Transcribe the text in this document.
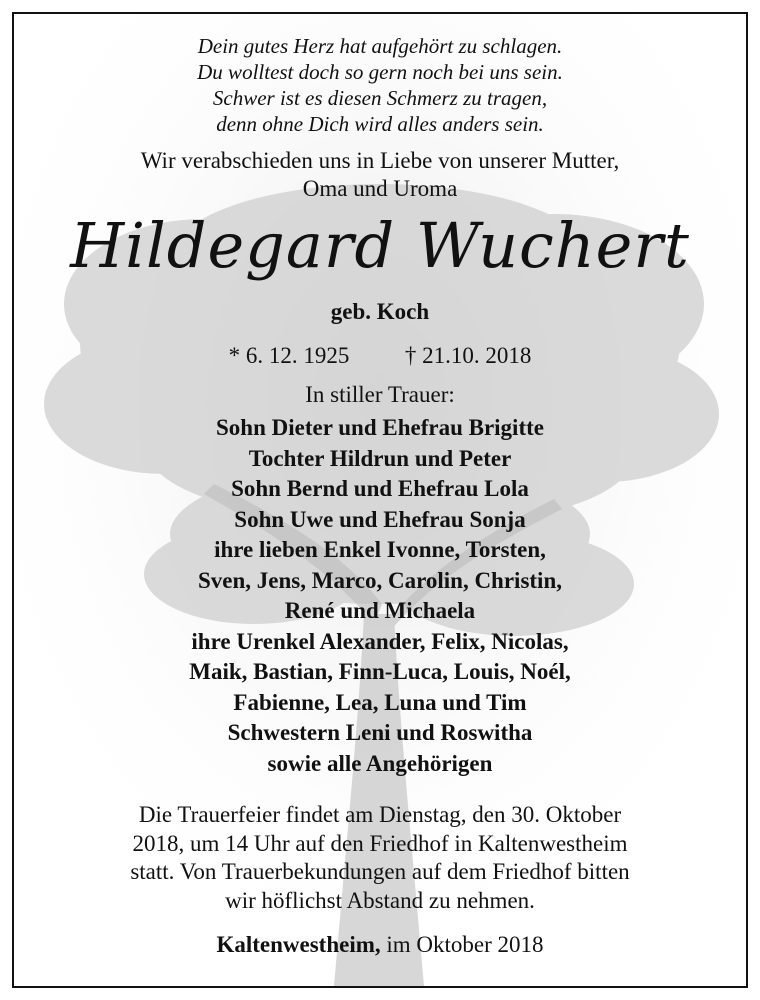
Dein gutes Herz hat aufgehört zu schlagen.
Du wolltest doch so gern noch bei uns sein.
Schwer ist es diesen Schmerz zu tragen,
denn ohne Dich wird alles anders sein.
Wir verabschieden uns in Liebe von unserer Mutter,
Oma und Uroma
Hildegard Wuchert
geb. Koch
* 6. 12. 1925 † 21.10. 2018
In stiller Trauer:
Sohn Dieter und Ehefrau Brigitte
Tochter Hildrun und Peter
Sohn Bernd und Ehefrau Lola
Sohn Uwe und Ehefrau Sonja
ihre lieben Enkel Ivonne, Torsten,
Sven, Jens, Marco, Carolin, Christin,
René und Michaela
ihre Urenkel Alexander, Felix, Nicolas,
Maik, Bastian, Finn-Luca, Louis, Noél,
Fabienne, Lea, Luna und Tim
Schwestern Leni und Roswitha
sowie alle Angehörigen
Die Trauerfeier findet am Dienstag, den 30. Oktober
2018, um 14 Uhr auf den Friedhof in Kaltenwestheim
statt. Von Trauerbekundungen auf dem Friedhof bitten
wir höflichst Abstand zu nehmen.
Kaltenwestheim, im Oktober 2018
